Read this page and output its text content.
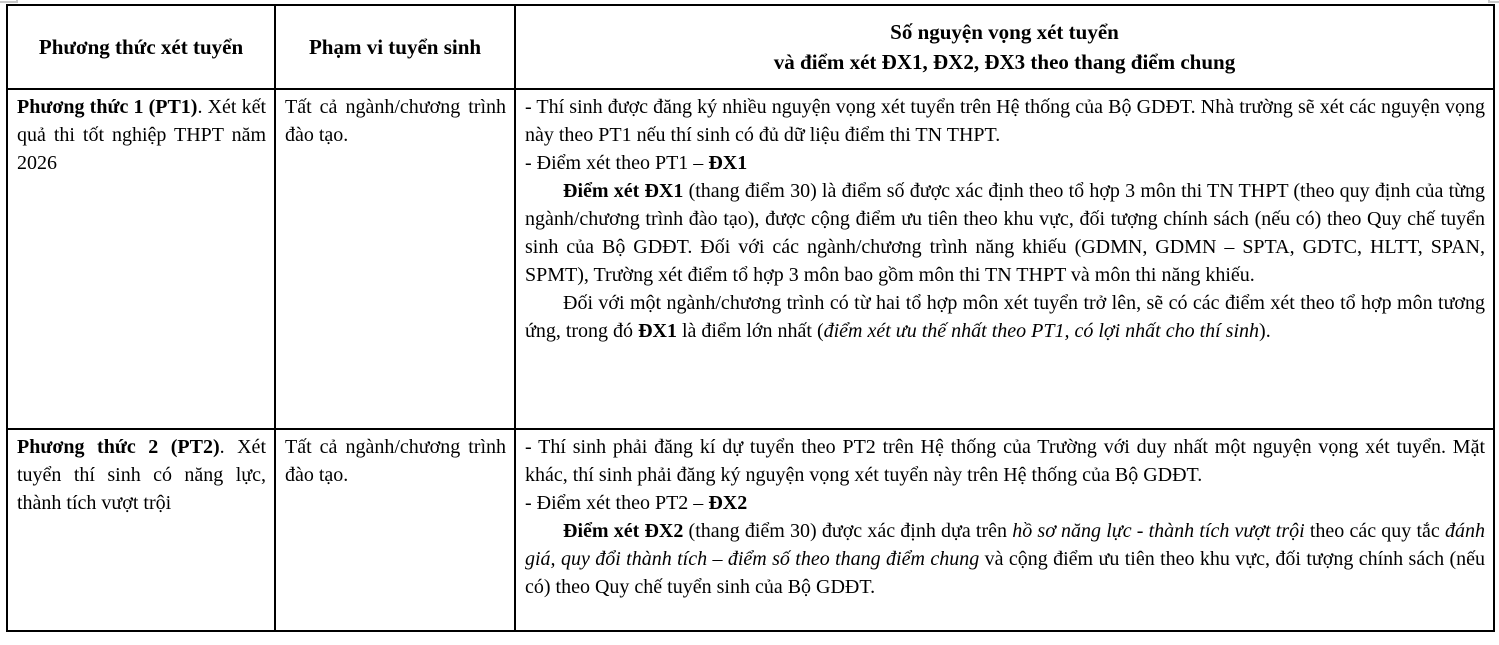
Phương thức xét tuyển	Phạm vi tuyển sinh	Số nguyện vọng xét tuyển
và điểm xét ĐX1, ĐX2, ĐX3 theo thang điểm chung

Phương thức 1 (PT1). Xét kết quả thi tốt nghiệp THPT năm 2026	Tất cả ngành/chương trình đào tạo.	- Thí sinh được đăng ký nhiều nguyện vọng xét tuyển trên Hệ thống của Bộ GDĐT. Nhà trường sẽ xét các nguyện vọng này theo PT1 nếu thí sinh có đủ dữ liệu điểm thi TN THPT.

- Điểm xét theo PT1 – ĐX1

Điểm xét ĐX1 (thang điểm 30) là điểm số được xác định theo tổ hợp 3 môn thi TN THPT (theo quy định của từng ngành/chương trình đào tạo), được cộng điểm ưu tiên theo khu vực, đối tượng chính sách (nếu có) theo Quy chế tuyển sinh của Bộ GDĐT. Đối với các ngành/chương trình năng khiếu (GDMN, GDMN – SPTA, GDTC, HLTT, SPAN, SPMT), Trường xét điểm tổ hợp 3 môn bao gồm môn thi TN THPT và môn thi năng khiếu.

Đối với một ngành/chương trình có từ hai tổ hợp môn xét tuyển trở lên, sẽ có các điểm xét theo tổ hợp môn tương ứng, trong đó ĐX1 là điểm lớn nhất (điểm xét ưu thế nhất theo PT1, có lợi nhất cho thí sinh).

Phương thức 2 (PT2). Xét tuyển thí sinh có năng lực, thành tích vượt trội	Tất cả ngành/chương trình đào tạo.	- Thí sinh phải đăng kí dự tuyển theo PT2 trên Hệ thống của Trường với duy nhất một nguyện vọng xét tuyển. Mặt khác, thí sinh phải đăng ký nguyện vọng xét tuyển này trên Hệ thống của Bộ GDĐT.

- Điểm xét theo PT2 – ĐX2

Điểm xét ĐX2 (thang điểm 30) được xác định dựa trên hồ sơ năng lực - thành tích vượt trội theo các quy tắc đánh giá, quy đổi thành tích – điểm số theo thang điểm chung và cộng điểm ưu tiên theo khu vực, đối tượng chính sách (nếu có) theo Quy chế tuyển sinh của Bộ GDĐT.
